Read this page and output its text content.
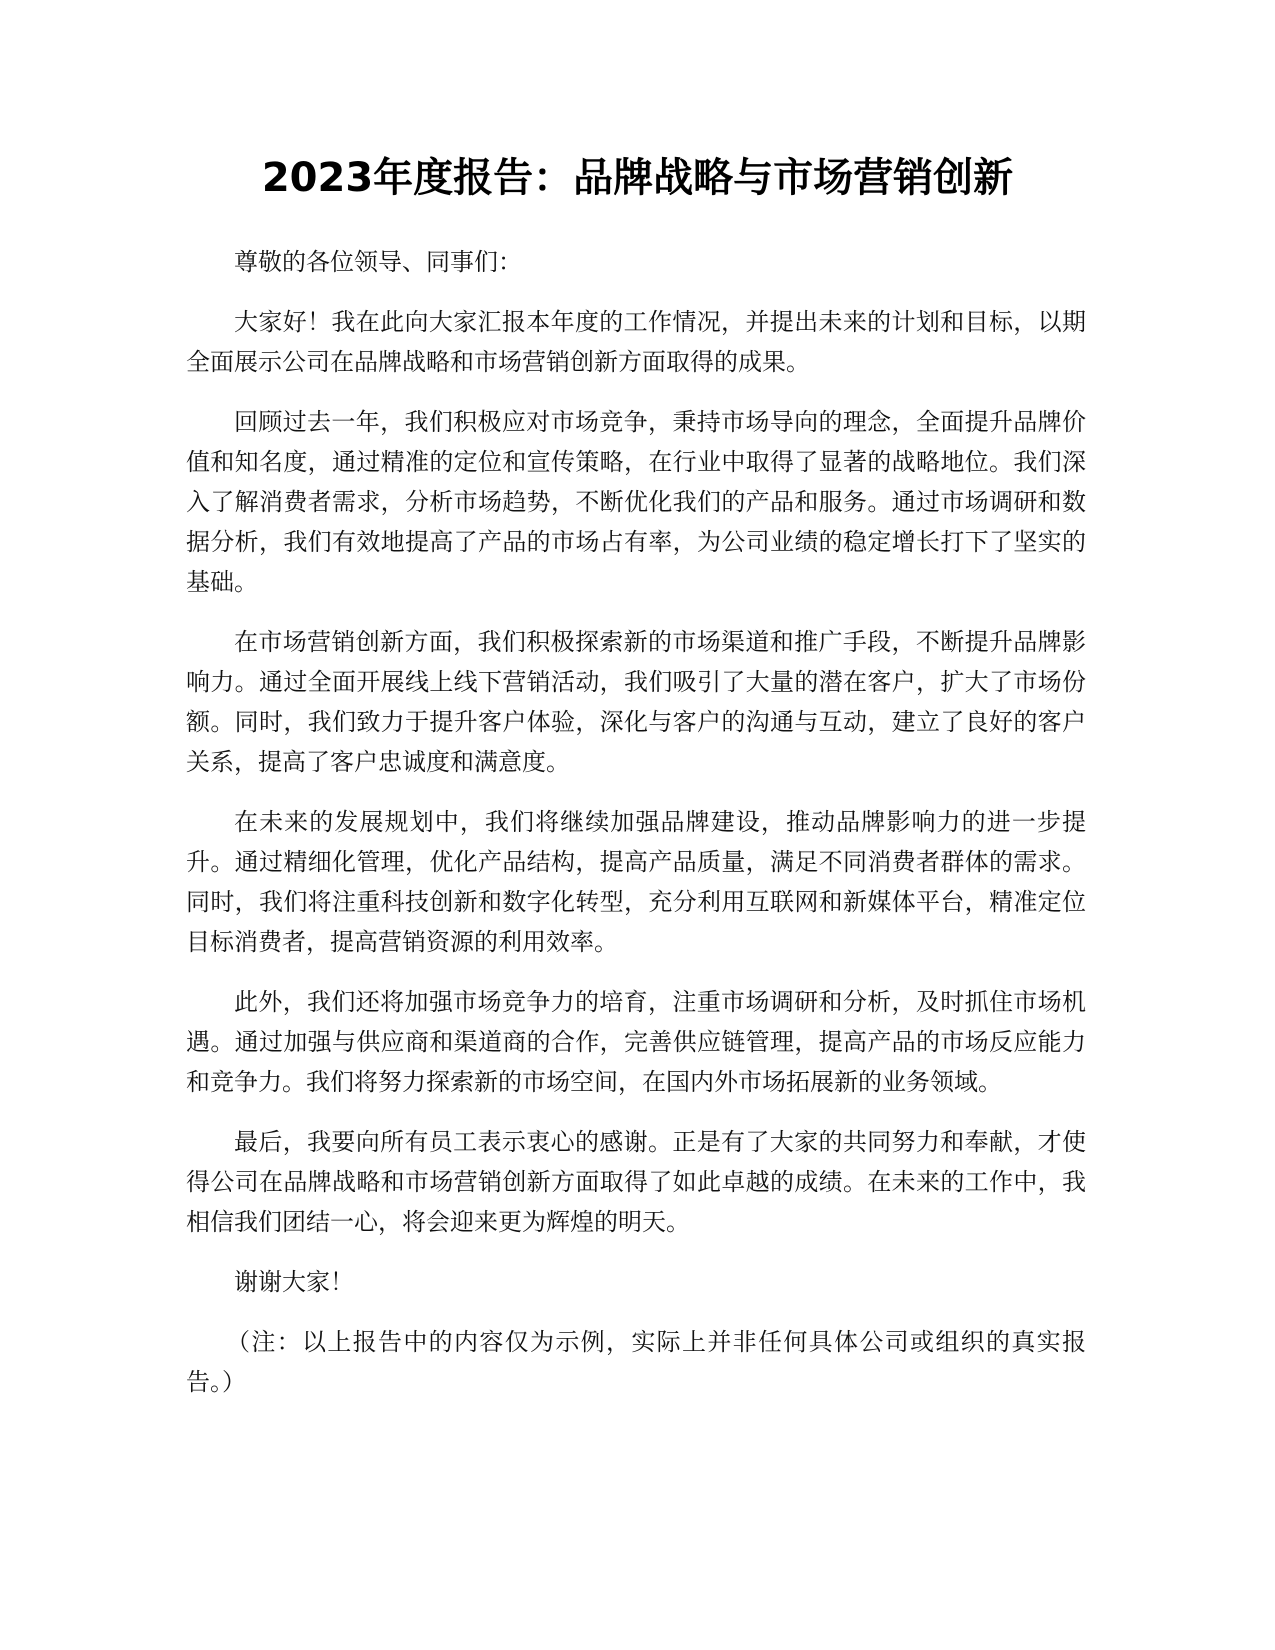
2023年度报告：品牌战略与市场营销创新

尊敬的各位领导、同事们：

大家好！我在此向大家汇报本年度的工作情况，并提出未来的计划和目标，以期全面展示公司在品牌战略和市场营销创新方面取得的成果。

回顾过去一年，我们积极应对市场竞争，秉持市场导向的理念，全面提升品牌价值和知名度，通过精准的定位和宣传策略，在行业中取得了显著的战略地位。我们深入了解消费者需求，分析市场趋势，不断优化我们的产品和服务。通过市场调研和数据分析，我们有效地提高了产品的市场占有率，为公司业绩的稳定增长打下了坚实的基础。

在市场营销创新方面，我们积极探索新的市场渠道和推广手段，不断提升品牌影响力。通过全面开展线上线下营销活动，我们吸引了大量的潜在客户，扩大了市场份额。同时，我们致力于提升客户体验，深化与客户的沟通与互动，建立了良好的客户关系，提高了客户忠诚度和满意度。

在未来的发展规划中，我们将继续加强品牌建设，推动品牌影响力的进一步提升。通过精细化管理，优化产品结构，提高产品质量，满足不同消费者群体的需求。同时，我们将注重科技创新和数字化转型，充分利用互联网和新媒体平台，精准定位目标消费者，提高营销资源的利用效率。

此外，我们还将加强市场竞争力的培育，注重市场调研和分析，及时抓住市场机遇。通过加强与供应商和渠道商的合作，完善供应链管理，提高产品的市场反应能力和竞争力。我们将努力探索新的市场空间，在国内外市场拓展新的业务领域。

最后，我要向所有员工表示衷心的感谢。正是有了大家的共同努力和奉献，才使得公司在品牌战略和市场营销创新方面取得了如此卓越的成绩。在未来的工作中，我相信我们团结一心，将会迎来更为辉煌的明天。

谢谢大家！

（注：以上报告中的内容仅为示例，实际上并非任何具体公司或组织的真实报告。）
